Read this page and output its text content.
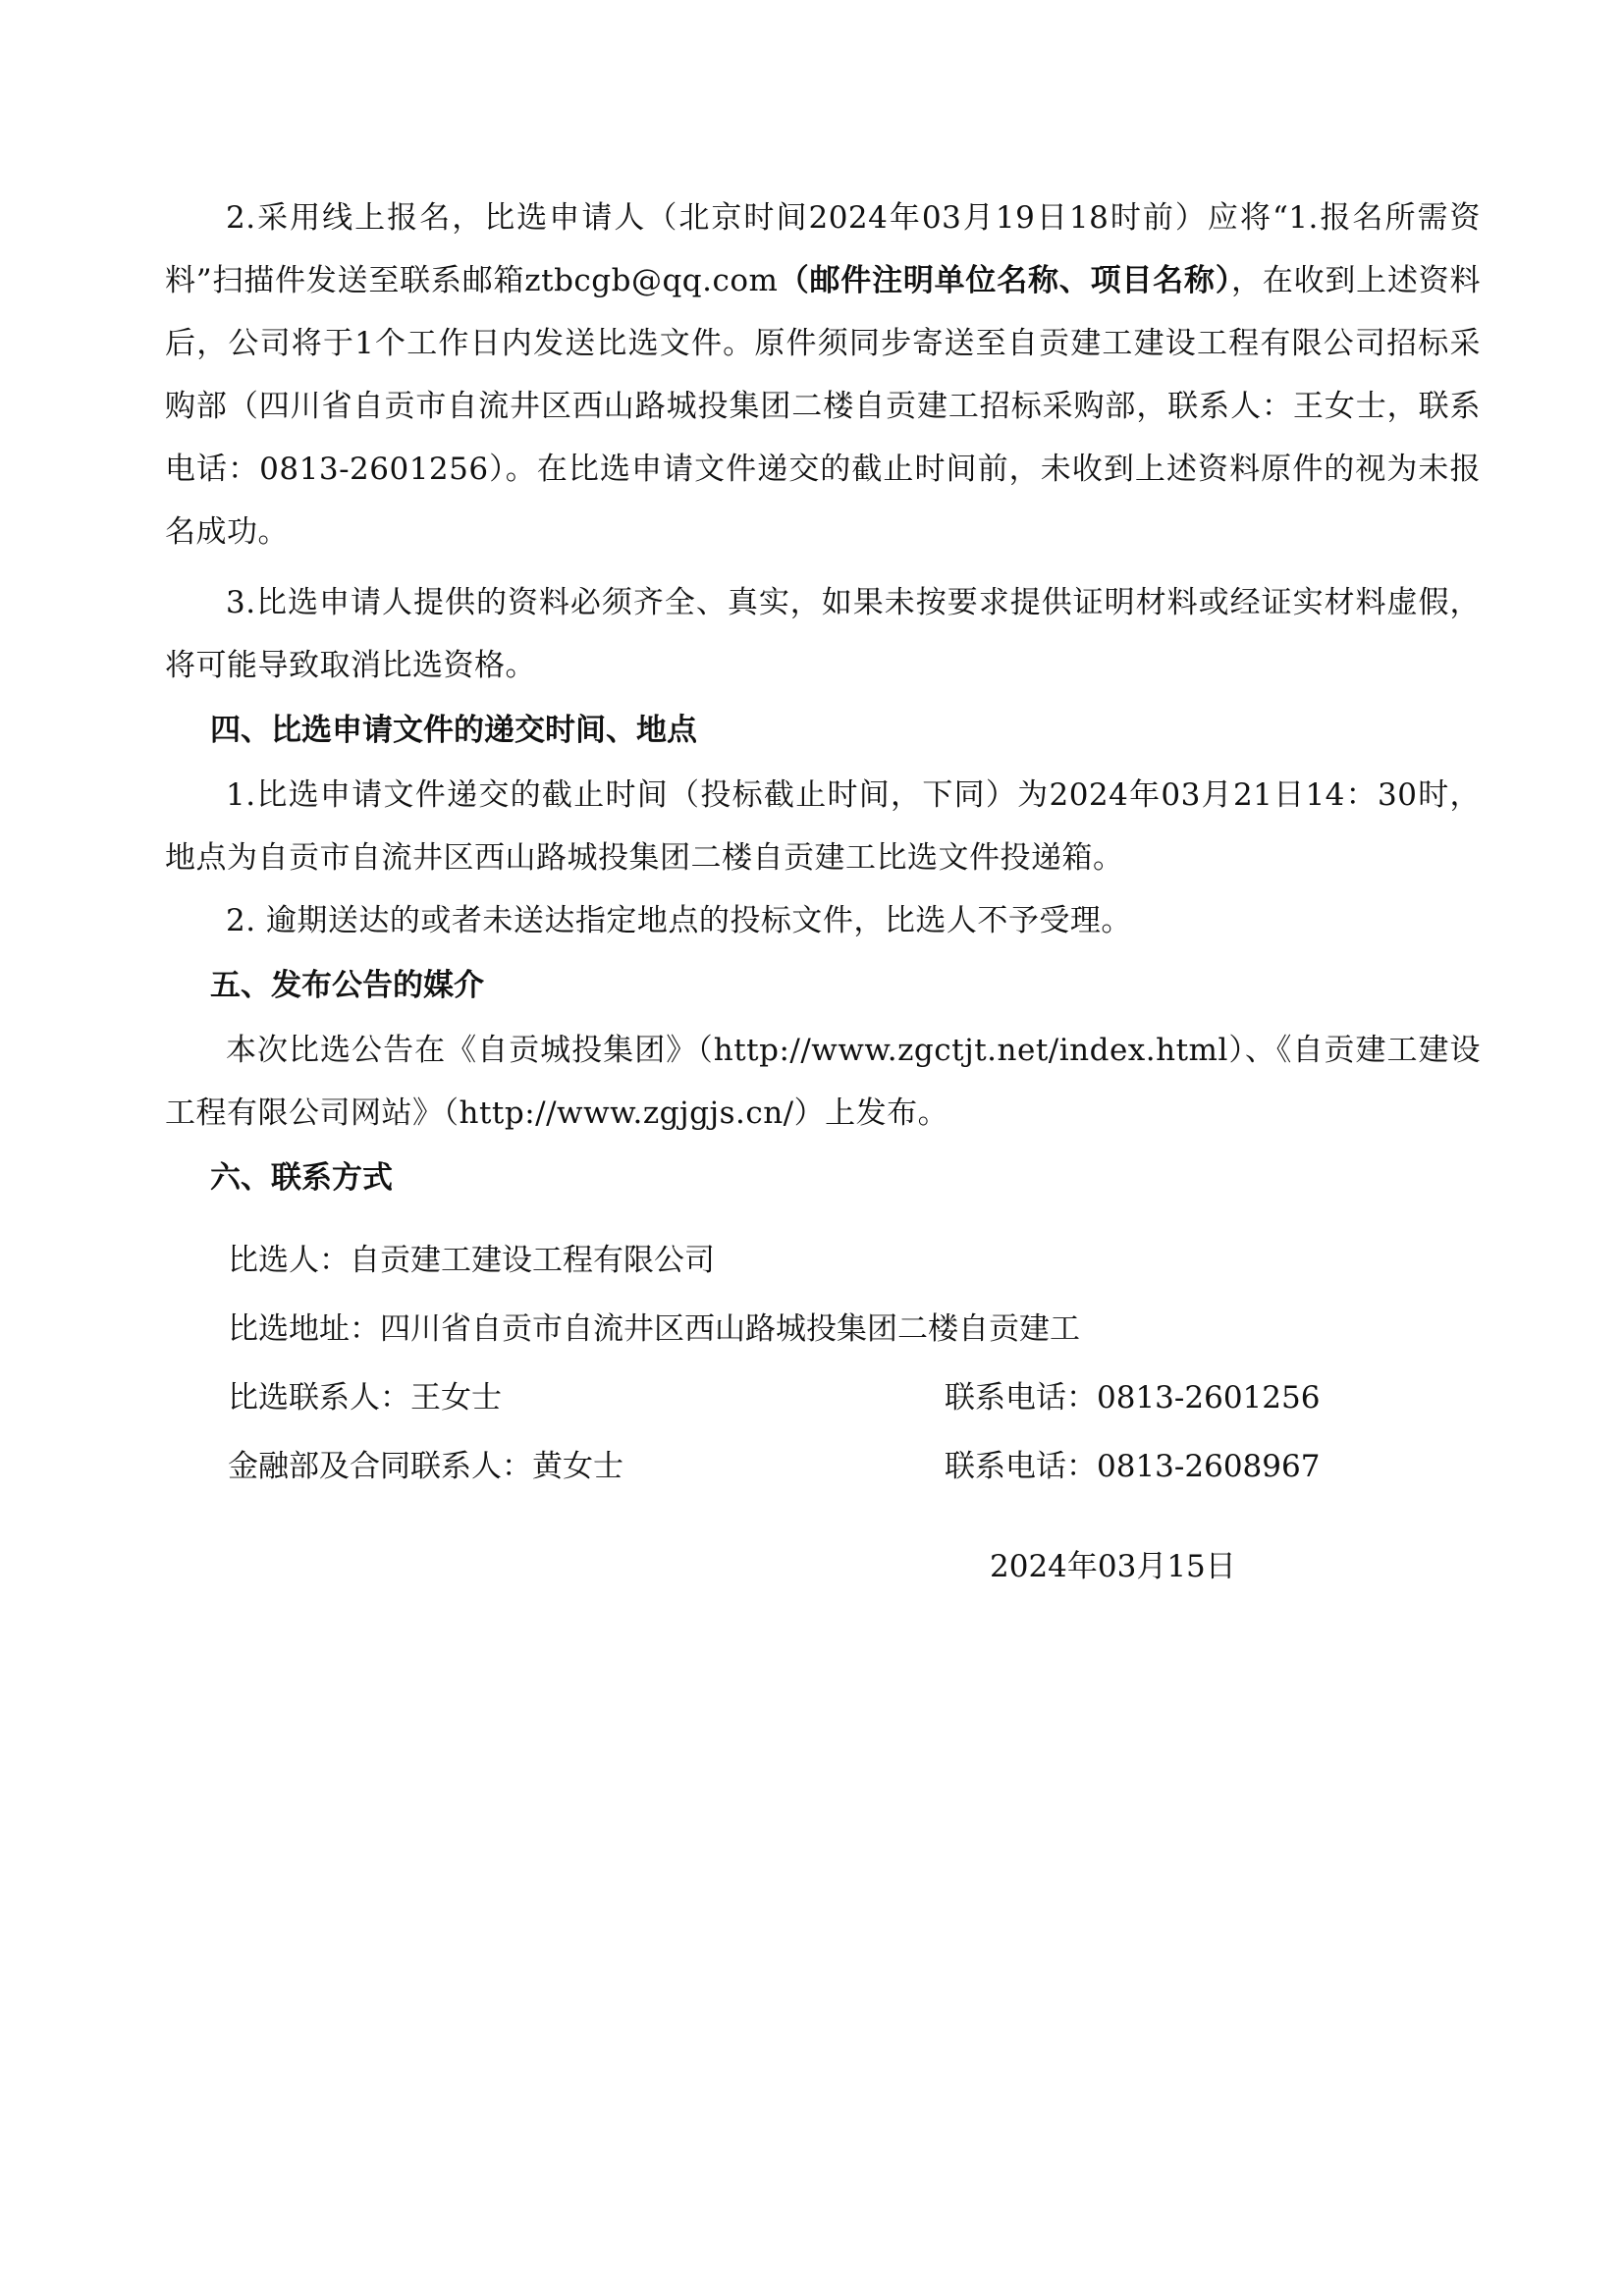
2.采用线上报名，比选申请人（北京时间2024年03月19日18时前）应将“1.报名所需资料”扫描件发送至联系邮箱ztbcgb@qq.com（邮件注明单位名称、项目名称），在收到上述资料后，公司将于1个工作日内发送比选文件。原件须同步寄送至自贡建工建设工程有限公司招标采购部（四川省自贡市自流井区西山路城投集团二楼自贡建工招标采购部，联系人：王女士，联系电话：0813-2601256）。在比选申请文件递交的截止时间前，未收到上述资料原件的视为未报名成功。
3.比选申请人提供的资料必须齐全、真实，如果未按要求提供证明材料或经证实材料虚假，将可能导致取消比选资格。
四、比选申请文件的递交时间、地点
1.比选申请文件递交的截止时间（投标截止时间，下同）为2024年03月21日14：30时，地点为自贡市自流井区西山路城投集团二楼自贡建工比选文件投递箱。
2. 逾期送达的或者未送达指定地点的投标文件，比选人不予受理。
五、发布公告的媒介
本次比选公告在《自贡城投集团》（http://www.zgctjt.net/index.html）、《自贡建工建设工程有限公司网站》（http://www.zgjgjs.cn/）上发布。
六、联系方式
比选人：自贡建工建设工程有限公司
比选地址：四川省自贡市自流井区西山路城投集团二楼自贡建工
比选联系人：王女士	联系电话：0813-2601256
金融部及合同联系人：黄女士	联系电话：0813-2608967
2024年03月15日
